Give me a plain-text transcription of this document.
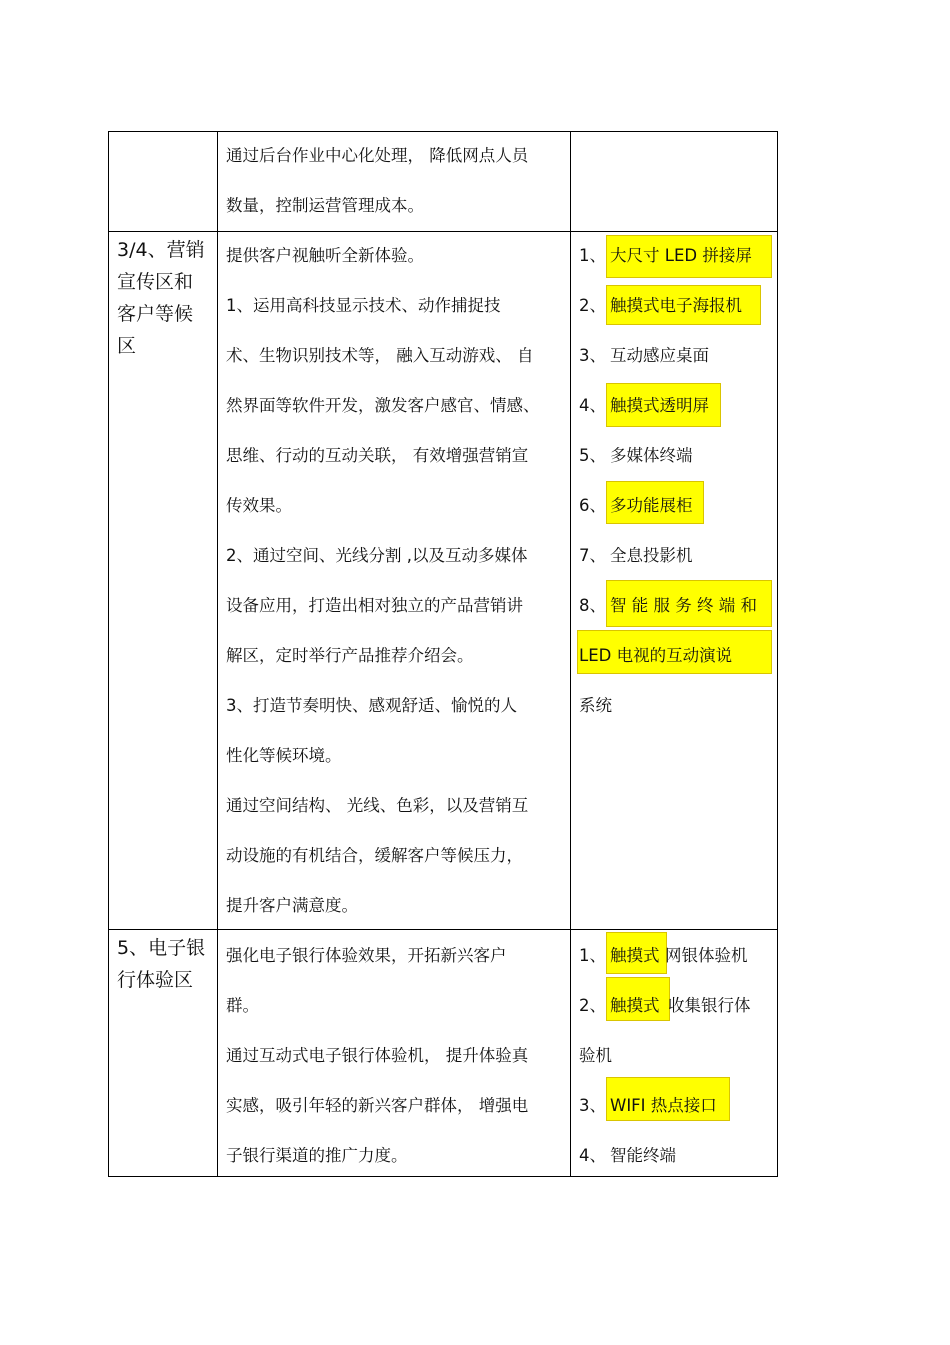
通过后台作业中心化处理， 降低网点人员
数量，控制运营管理成本。
3/4、营销
宣传区和
客户等候
区
提供客户视触听全新体验。
1、运用高科技显示技术、动作捕捉技
术、生物识别技术等， 融入互动游戏、 自
然界面等软件开发，激发客户感官、情感、
思维、行动的互动关联， 有效增强营销宣
传效果。
2、通过空间、光线分割 ,以及互动多媒体
设备应用，打造出相对独立的产品营销讲
解区，定时举行产品推荐介绍会。
3、打造节奏明快、感观舒适、愉悦的人
性化等候环境。
通过空间结构、 光线、色彩，以及营销互
动设施的有机结合，缓解客户等候压力，
提升客户满意度。
1、 大尺寸 LED 拼接屏
2、 触摸式电子海报机
3、 互动感应桌面
4、 触摸式透明屏
5、 多媒体终端
6、 多功能展柜
7、 全息投影机
8、 智 能 服 务 终 端 和
LED 电视的互动演说
系统
5、电子银
行体验区
强化电子银行体验效果，开拓新兴客户
群。
通过互动式电子银行体验机， 提升体验真
实感，吸引年轻的新兴客户群体， 增强电
子银行渠道的推广力度。
1、 触摸式 网银体验机
2、 触摸式 收集银行体
验机
3、 WIFI 热点接口
4、 智能终端
